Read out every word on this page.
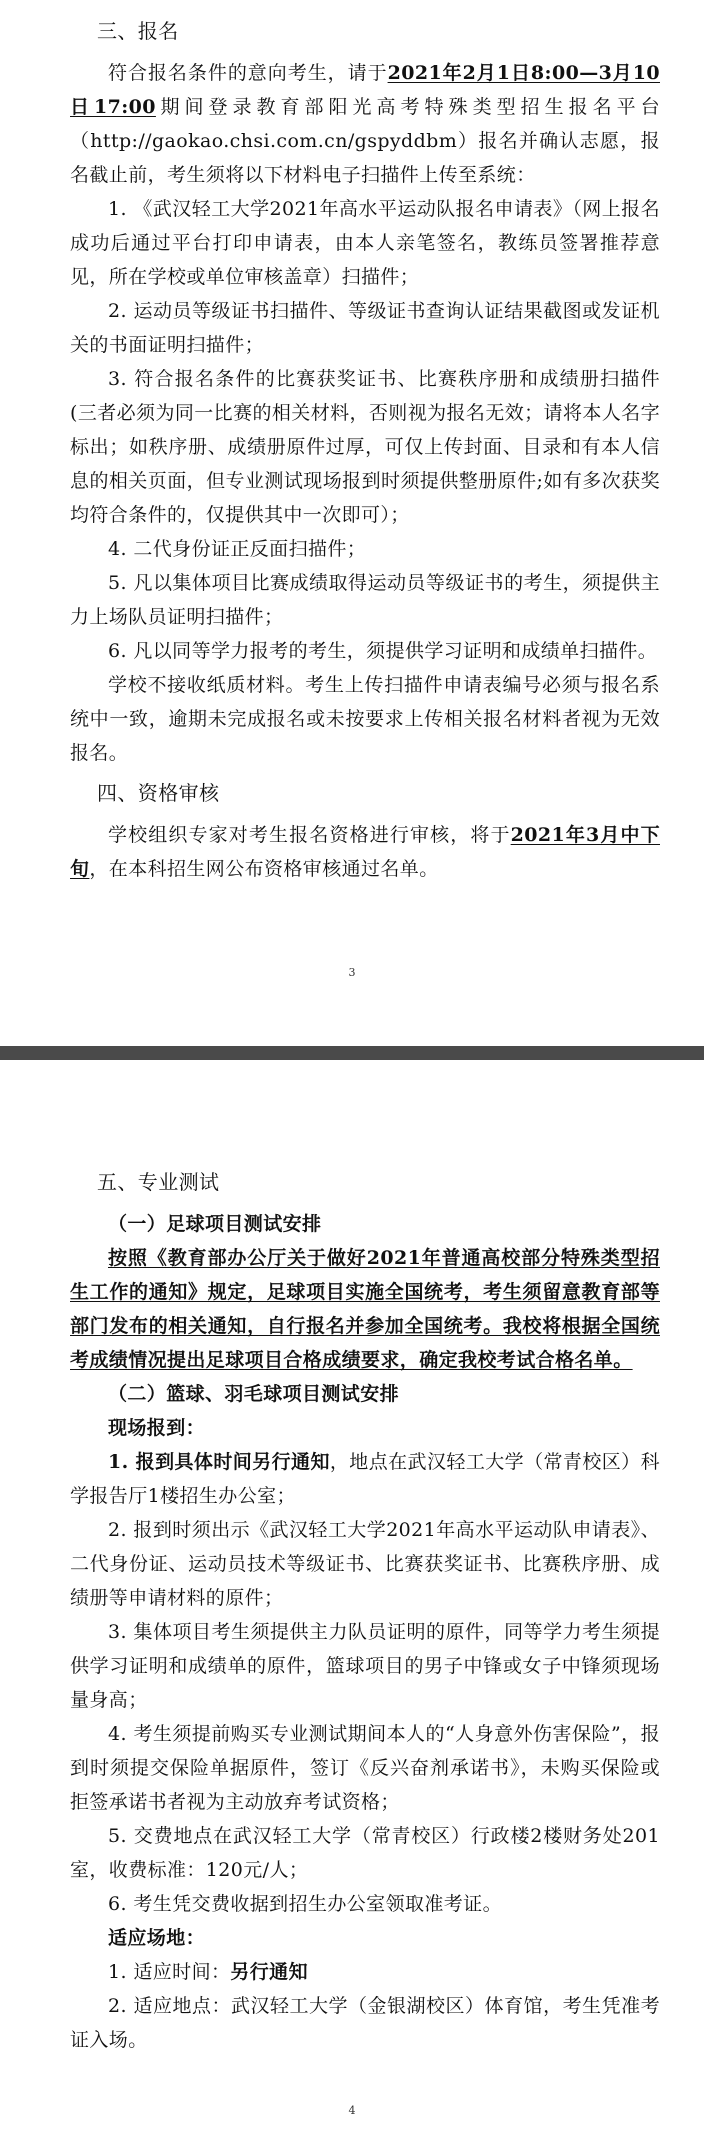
三、报名

符合报名条件的意向考生，请于2021年2月1日8:00—3月10日17:00期间登录教育部阳光高考特殊类型招生报名平台（http://gaokao.chsi.com.cn/gspyddbm）报名并确认志愿，报名截止前，考生须将以下材料电子扫描件上传至系统：

1. 《武汉轻工大学2021年高水平运动队报名申请表》（网上报名成功后通过平台打印申请表，由本人亲笔签名，教练员签署推荐意见，所在学校或单位审核盖章）扫描件；

2. 运动员等级证书扫描件、等级证书查询认证结果截图或发证机关的书面证明扫描件；

3. 符合报名条件的比赛获奖证书、比赛秩序册和成绩册扫描件(三者必须为同一比赛的相关材料，否则视为报名无效；请将本人名字标出；如秩序册、成绩册原件过厚，可仅上传封面、目录和有本人信息的相关页面，但专业测试现场报到时须提供整册原件;如有多次获奖均符合条件的，仅提供其中一次即可）；

4. 二代身份证正反面扫描件；

5. 凡以集体项目比赛成绩取得运动员等级证书的考生，须提供主力上场队员证明扫描件；

6. 凡以同等学力报考的考生，须提供学习证明和成绩单扫描件。

学校不接收纸质材料。考生上传扫描件申请表编号必须与报名系统中一致，逾期未完成报名或未按要求上传相关报名材料者视为无效报名。

四、资格审核

学校组织专家对考生报名资格进行审核，将于2021年3月中下旬，在本科招生网公布资格审核通过名单。

3

五、专业测试

（一）足球项目测试安排

按照《教育部办公厅关于做好2021年普通高校部分特殊类型招生工作的通知》规定，足球项目实施全国统考，考生须留意教育部等部门发布的相关通知，自行报名并参加全国统考。我校将根据全国统考成绩情况提出足球项目合格成绩要求，确定我校考试合格名单。

（二）篮球、羽毛球项目测试安排

现场报到：

1. 报到具体时间另行通知，地点在武汉轻工大学（常青校区）科学报告厅1楼招生办公室；

2. 报到时须出示《武汉轻工大学2021年高水平运动队申请表》、二代身份证、运动员技术等级证书、比赛获奖证书、比赛秩序册、成绩册等申请材料的原件；

3. 集体项目考生须提供主力队员证明的原件，同等学力考生须提供学习证明和成绩单的原件，篮球项目的男子中锋或女子中锋须现场量身高；

4. 考生须提前购买专业测试期间本人的“人身意外伤害保险”，报到时须提交保险单据原件，签订《反兴奋剂承诺书》，未购买保险或拒签承诺书者视为主动放弃考试资格；

5. 交费地点在武汉轻工大学（常青校区）行政楼2楼财务处201室，收费标准：120元/人；

6. 考生凭交费收据到招生办公室领取准考证。

适应场地：

1. 适应时间：另行通知

2. 适应地点：武汉轻工大学（金银湖校区）体育馆，考生凭准考证入场。

4
